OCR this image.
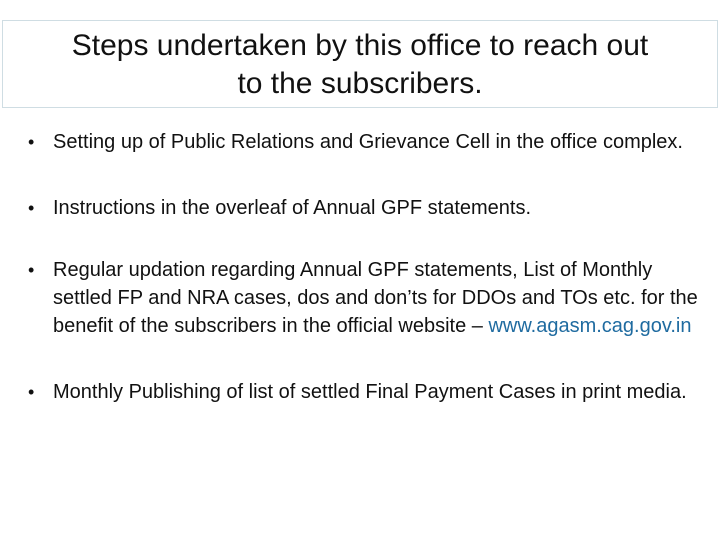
Steps undertaken by this office to reach out
to the subscribers.
• Setting up of Public Relations and Grievance Cell in the office complex.
• Instructions in the overleaf of Annual GPF statements.
• Regular updation regarding Annual GPF statements, List of Monthly settled FP and NRA cases, dos and don’ts for DDOs and TOs etc. for the benefit of the subscribers in the official website – www.agasm.cag.gov.in
• Monthly Publishing of list of settled Final Payment Cases in print media.
